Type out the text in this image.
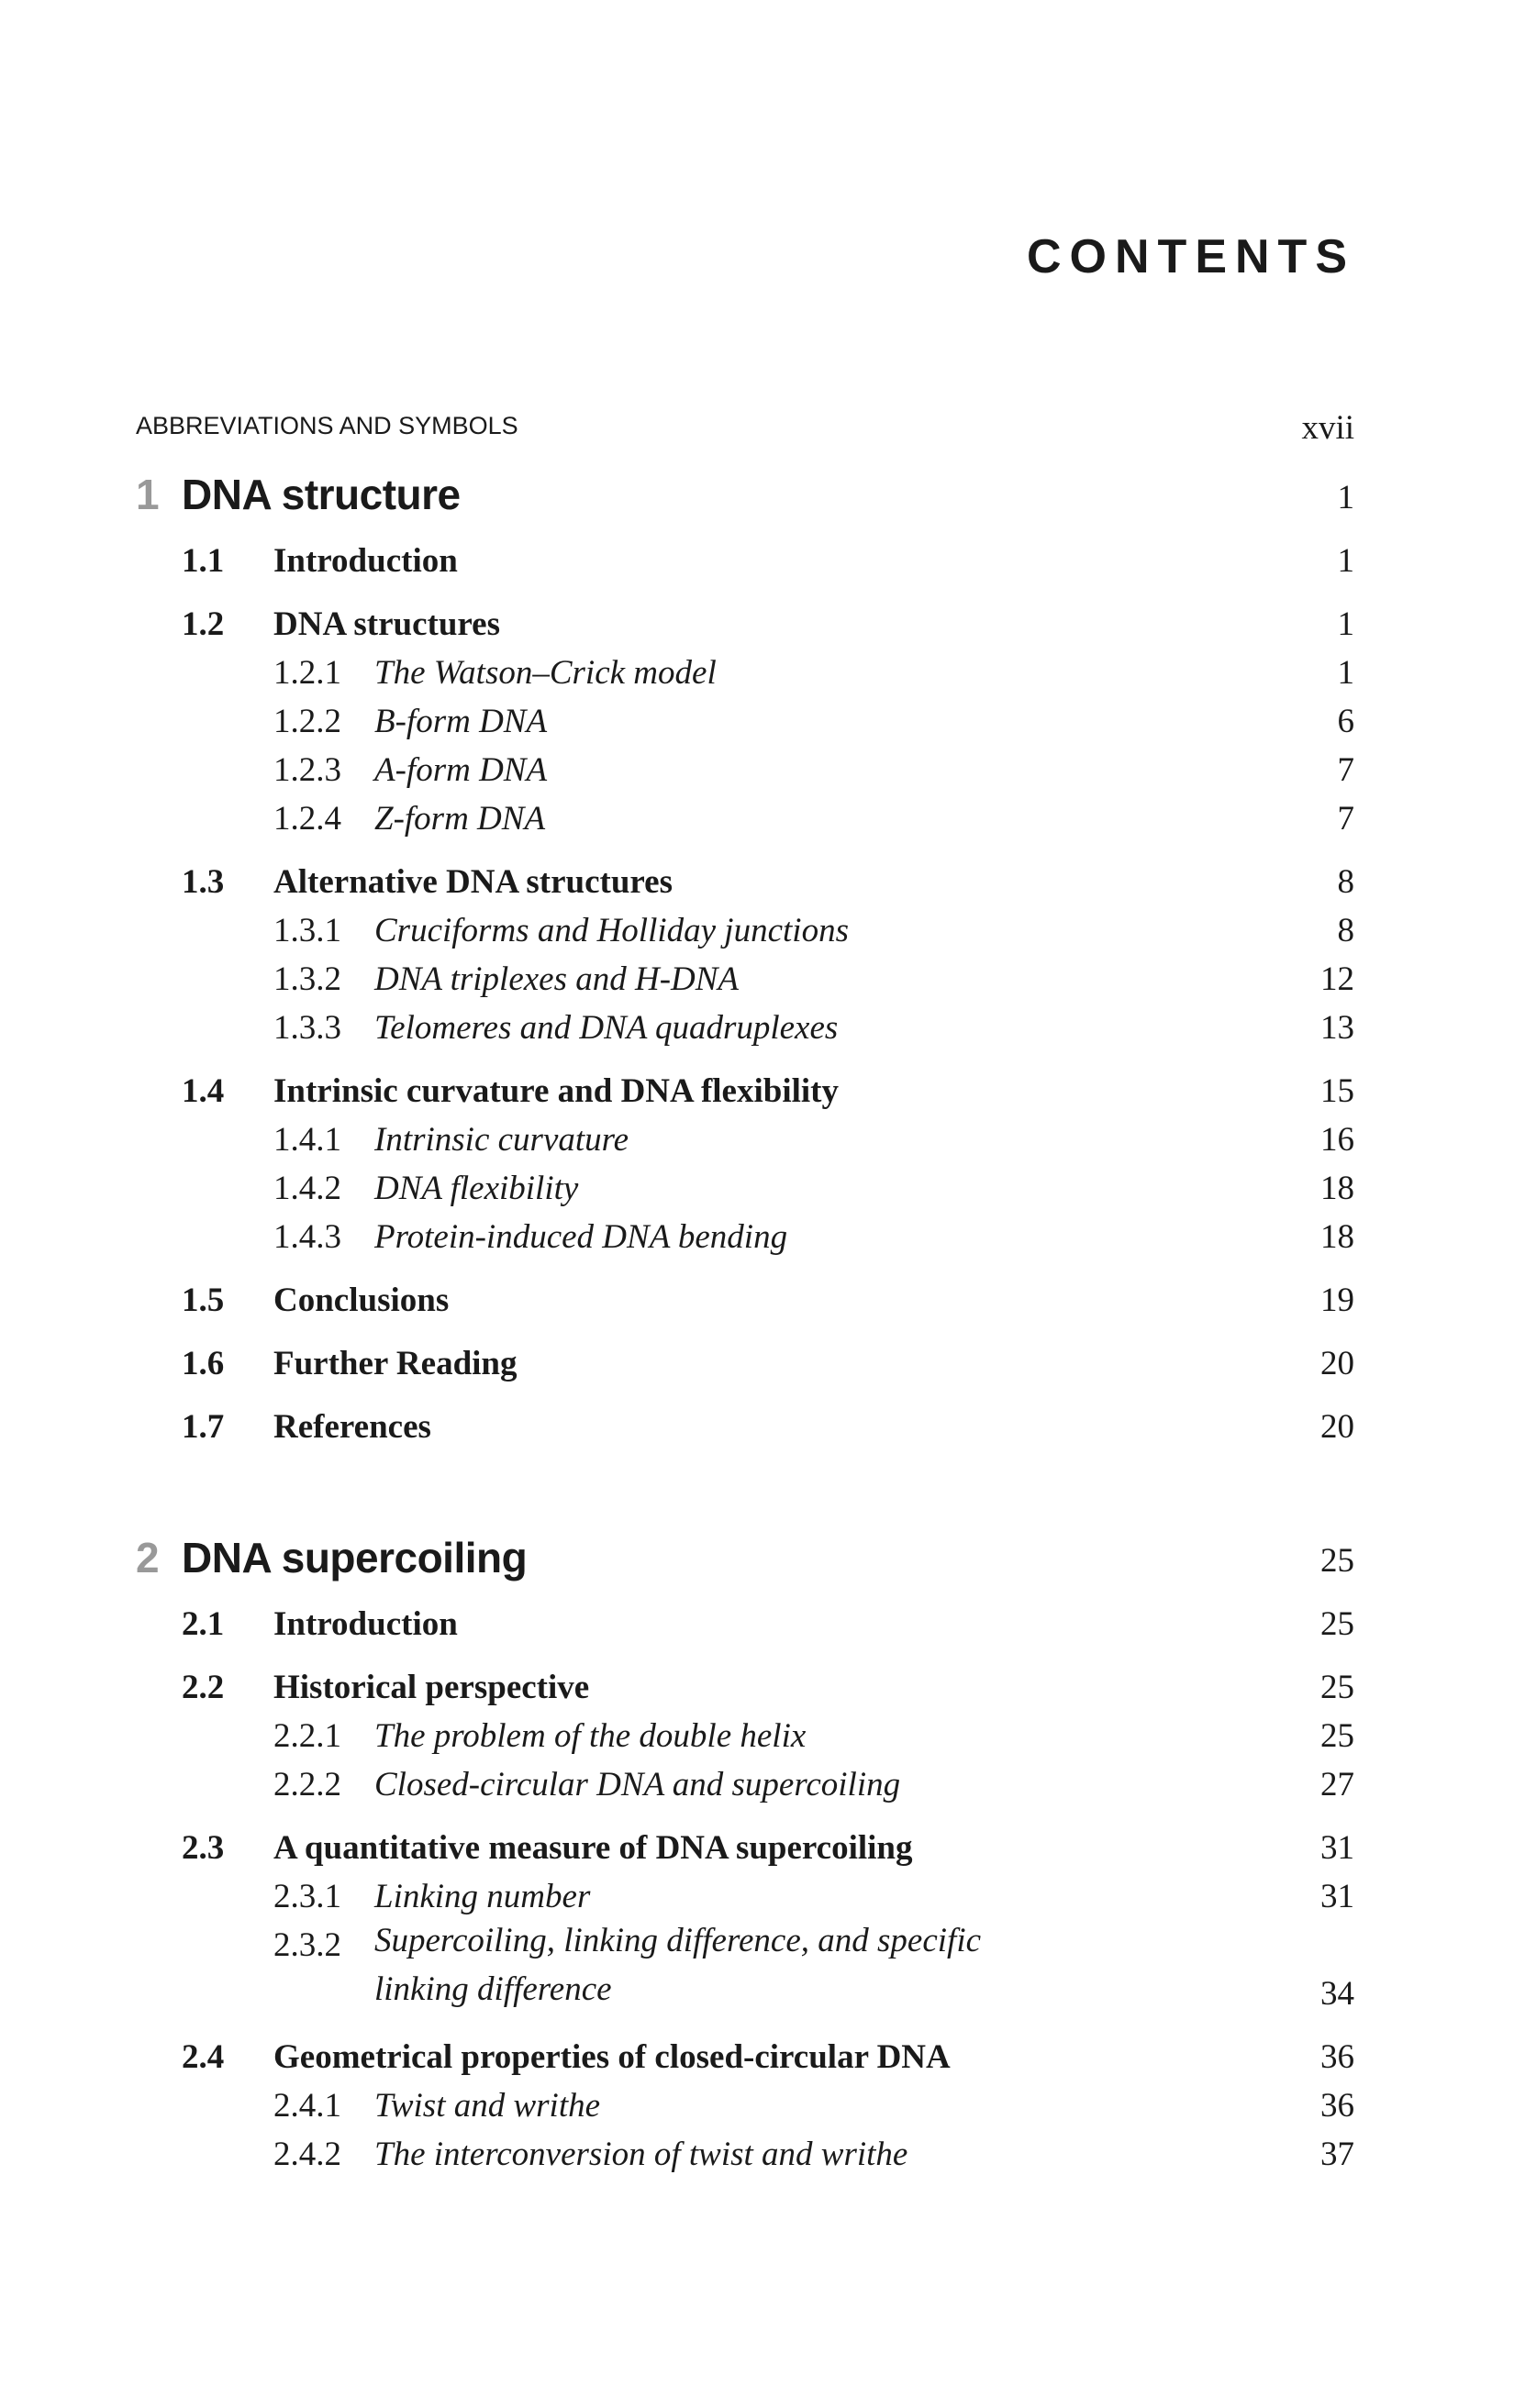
CONTENTS
ABBREVIATIONS AND SYMBOLS	xvii
1 DNA structure	1
1.1 Introduction	1
1.2 DNA structures	1
1.2.1 The Watson–Crick model	1
1.2.2 B-form DNA	6
1.2.3 A-form DNA	7
1.2.4 Z-form DNA	7
1.3 Alternative DNA structures	8
1.3.1 Cruciforms and Holliday junctions	8
1.3.2 DNA triplexes and H-DNA	12
1.3.3 Telomeres and DNA quadruplexes	13
1.4 Intrinsic curvature and DNA flexibility	15
1.4.1 Intrinsic curvature	16
1.4.2 DNA flexibility	18
1.4.3 Protein-induced DNA bending	18
1.5 Conclusions	19
1.6 Further Reading	20
1.7 References	20
2 DNA supercoiling	25
2.1 Introduction	25
2.2 Historical perspective	25
2.2.1 The problem of the double helix	25
2.2.2 Closed-circular DNA and supercoiling	27
2.3 A quantitative measure of DNA supercoiling	31
2.3.1 Linking number	31
2.3.2 Supercoiling, linking difference, and specific
linking difference	34
2.4 Geometrical properties of closed-circular DNA	36
2.4.1 Twist and writhe	36
2.4.2 The interconversion of twist and writhe	37
